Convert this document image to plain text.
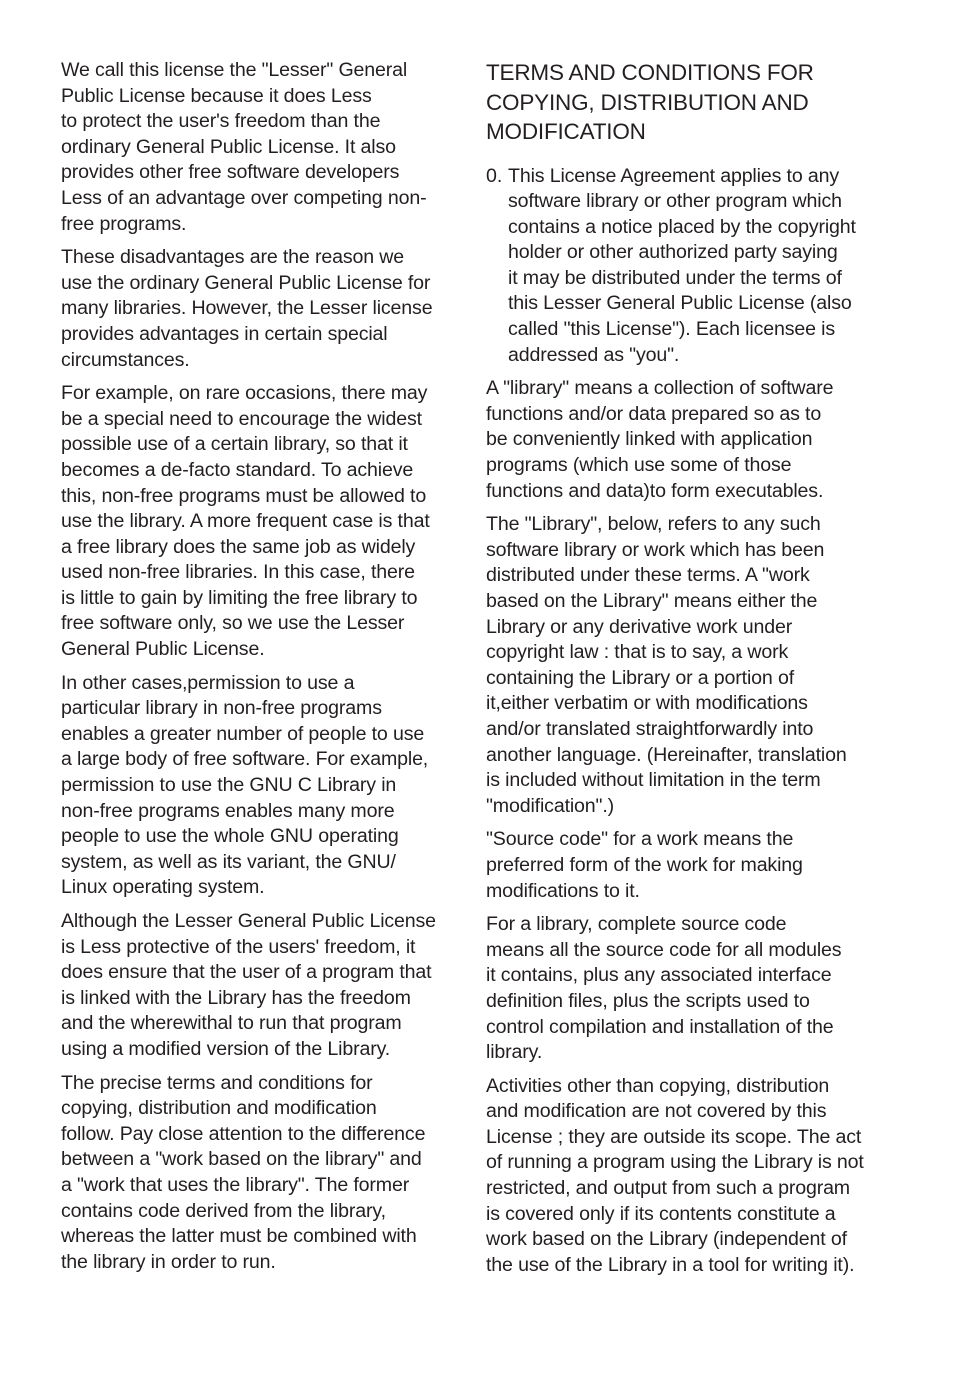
We call this license the "Lesser" General
Public License because it does Less
to protect the user's freedom than the
ordinary General Public License. It also
provides other free software developers
Less of an advantage over competing non-
free programs.

These disadvantages are the reason we
use the ordinary General Public License for
many libraries. However, the Lesser license
provides advantages in certain special
circumstances.

For example, on rare occasions, there may
be a special need to encourage the widest
possible use of a certain library, so that it
becomes a de-facto standard. To achieve
this, non-free programs must be allowed to
use the library. A more frequent case is that
a free library does the same job as widely
used non-free libraries. In this case, there
is little to gain by limiting the free library to
free software only, so we use the Lesser
General Public License.

In other cases,permission to use a
particular library in non-free programs
enables a greater number of people to use
a large body of free software. For example,
permission to use the GNU C Library in
non-free programs enables many more
people to use the whole GNU operating
system, as well as its variant, the GNU/
Linux operating system.

Although the Lesser General Public License
is Less protective of the users' freedom, it
does ensure that the user of a program that
is linked with the Library has the freedom
and the wherewithal to run that program
using a modified version of the Library.

The precise terms and conditions for
copying, distribution and modification
follow. Pay close attention to the difference
between a "work based on the library" and
a "work that uses the library". The former
contains code derived from the library,
whereas the latter must be combined with
the library in order to run.

TERMS AND CONDITIONS FOR
COPYING, DISTRIBUTION AND
MODIFICATION
0. This License Agreement applies to any
software library or other program which
contains a notice placed by the copyright
holder or other authorized party saying
it may be distributed under the terms of
this Lesser General Public License (also
called "this License"). Each licensee is
addressed as "you".

A "library" means a collection of software
functions and/or data prepared so as to
be conveniently linked with application
programs (which use some of those
functions and data)to form executables.

The "Library", below, refers to any such
software library or work which has been
distributed under these terms. A "work
based on the Library" means either the
Library or any derivative work under
copyright law : that is to say, a work
containing the Library or a portion of
it,either verbatim or with modifications
and/or translated straightforwardly into
another language. (Hereinafter, translation
is included without limitation in the term
"modification".)

"Source code" for a work means the
preferred form of the work for making
modifications to it.

For a library, complete source code
means all the source code for all modules
it contains, plus any associated interface
definition files, plus the scripts used to
control compilation and installation of the
library.

Activities other than copying, distribution
and modification are not covered by this
License ; they are outside its scope. The act
of running a program using the Library is not
restricted, and output from such a program
is covered only if its contents constitute a
work based on the Library (independent of
the use of the Library in a tool for writing it).
